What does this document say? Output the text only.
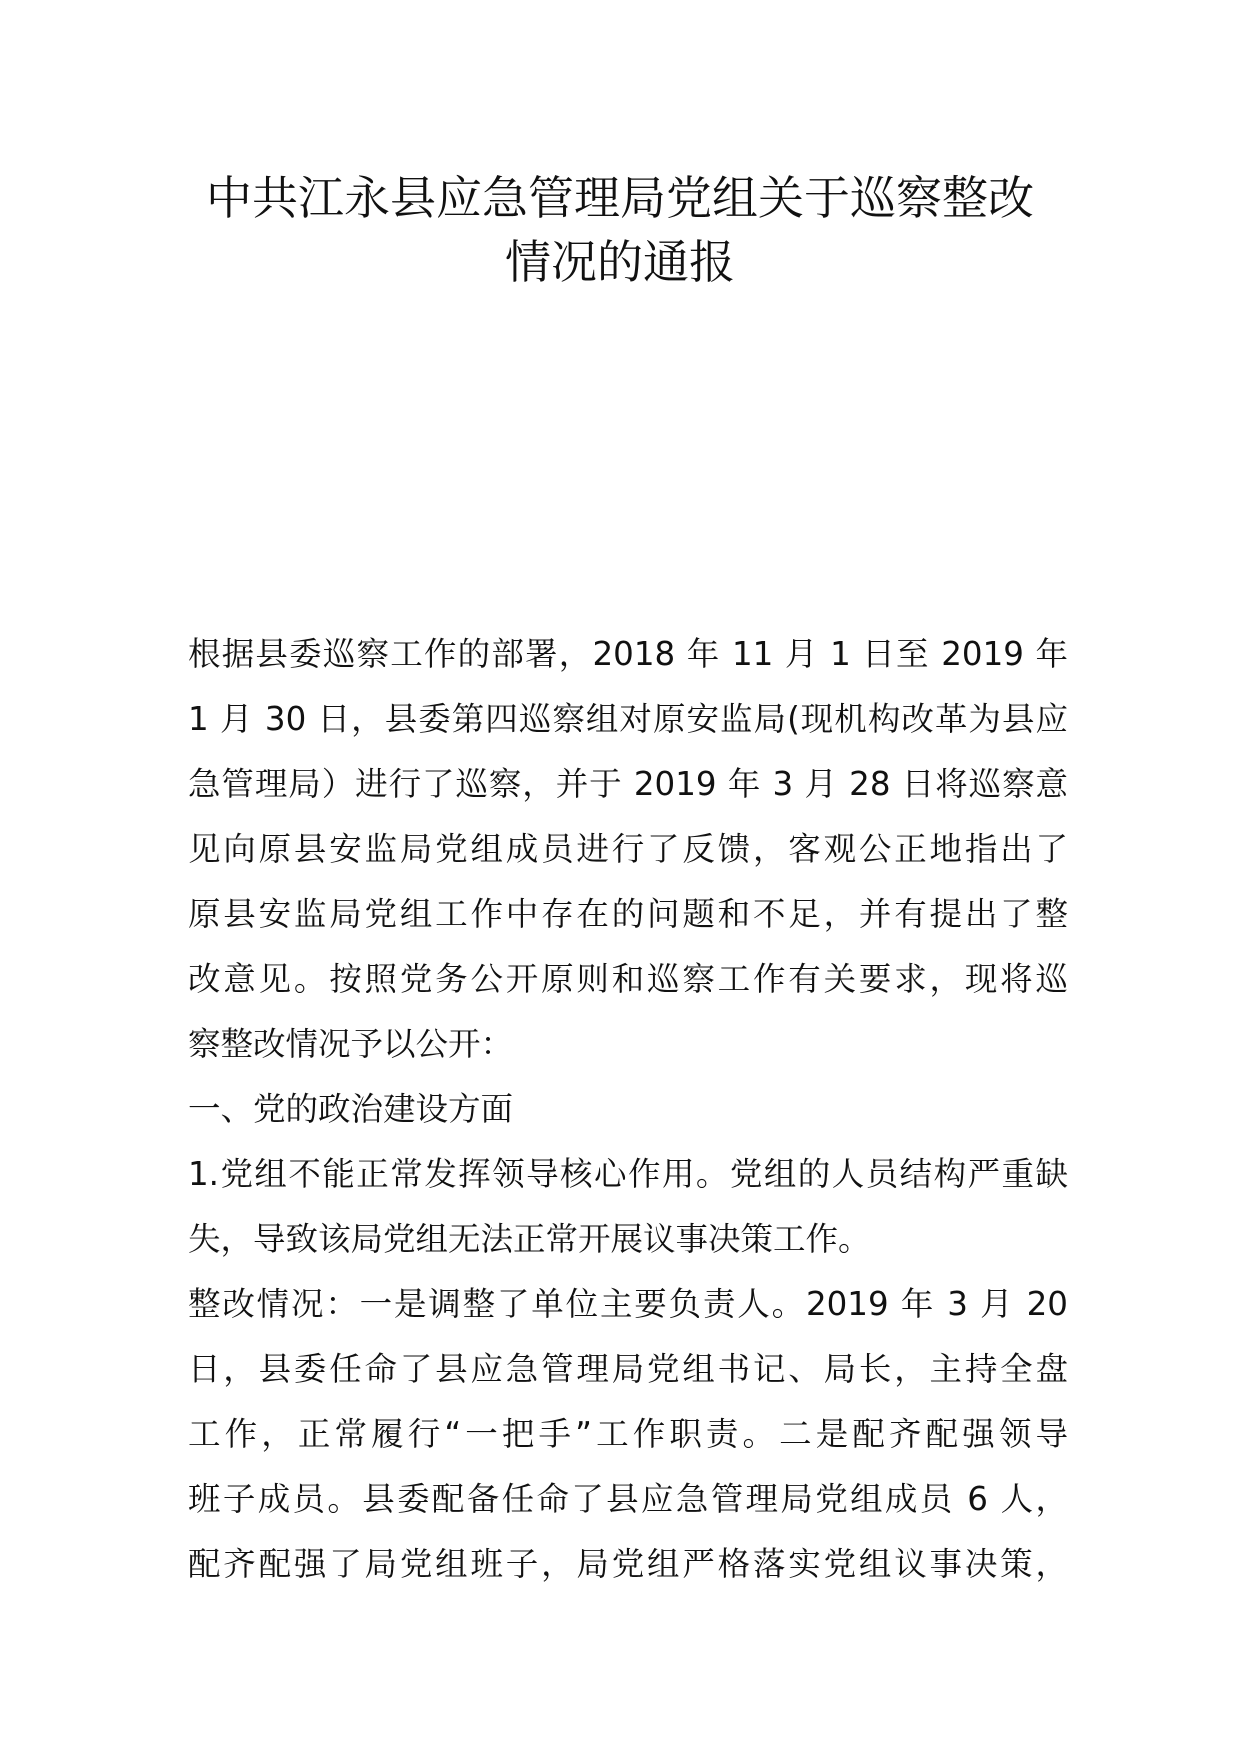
中共江永县应急管理局党组关于巡察整改
情况的通报
根据县委巡察工作的部署，2018 年 11 月 1 日至 2019 年
1 月 30 日，县委第四巡察组对原安监局(现机构改革为县应
急管理局）进行了巡察，并于 2019 年 3 月 28 日将巡察意
见向原县安监局党组成员进行了反馈，客观公正地指出了
原县安监局党组工作中存在的问题和不足，并有提出了整
改意见。按照党务公开原则和巡察工作有关要求，现将巡
察整改情况予以公开：
一、党的政治建设方面
1.党组不能正常发挥领导核心作用。党组的人员结构严重缺
失，导致该局党组无法正常开展议事决策工作。
整改情况：一是调整了单位主要负责人。2019 年 3 月 20
日，县委任命了县应急管理局党组书记、局长，主持全盘
工作，正常履行“一把手”工作职责。二是配齐配强领导
班子成员。县委配备任命了县应急管理局党组成员 6 人，
配齐配强了局党组班子，局党组严格落实党组议事决策，
